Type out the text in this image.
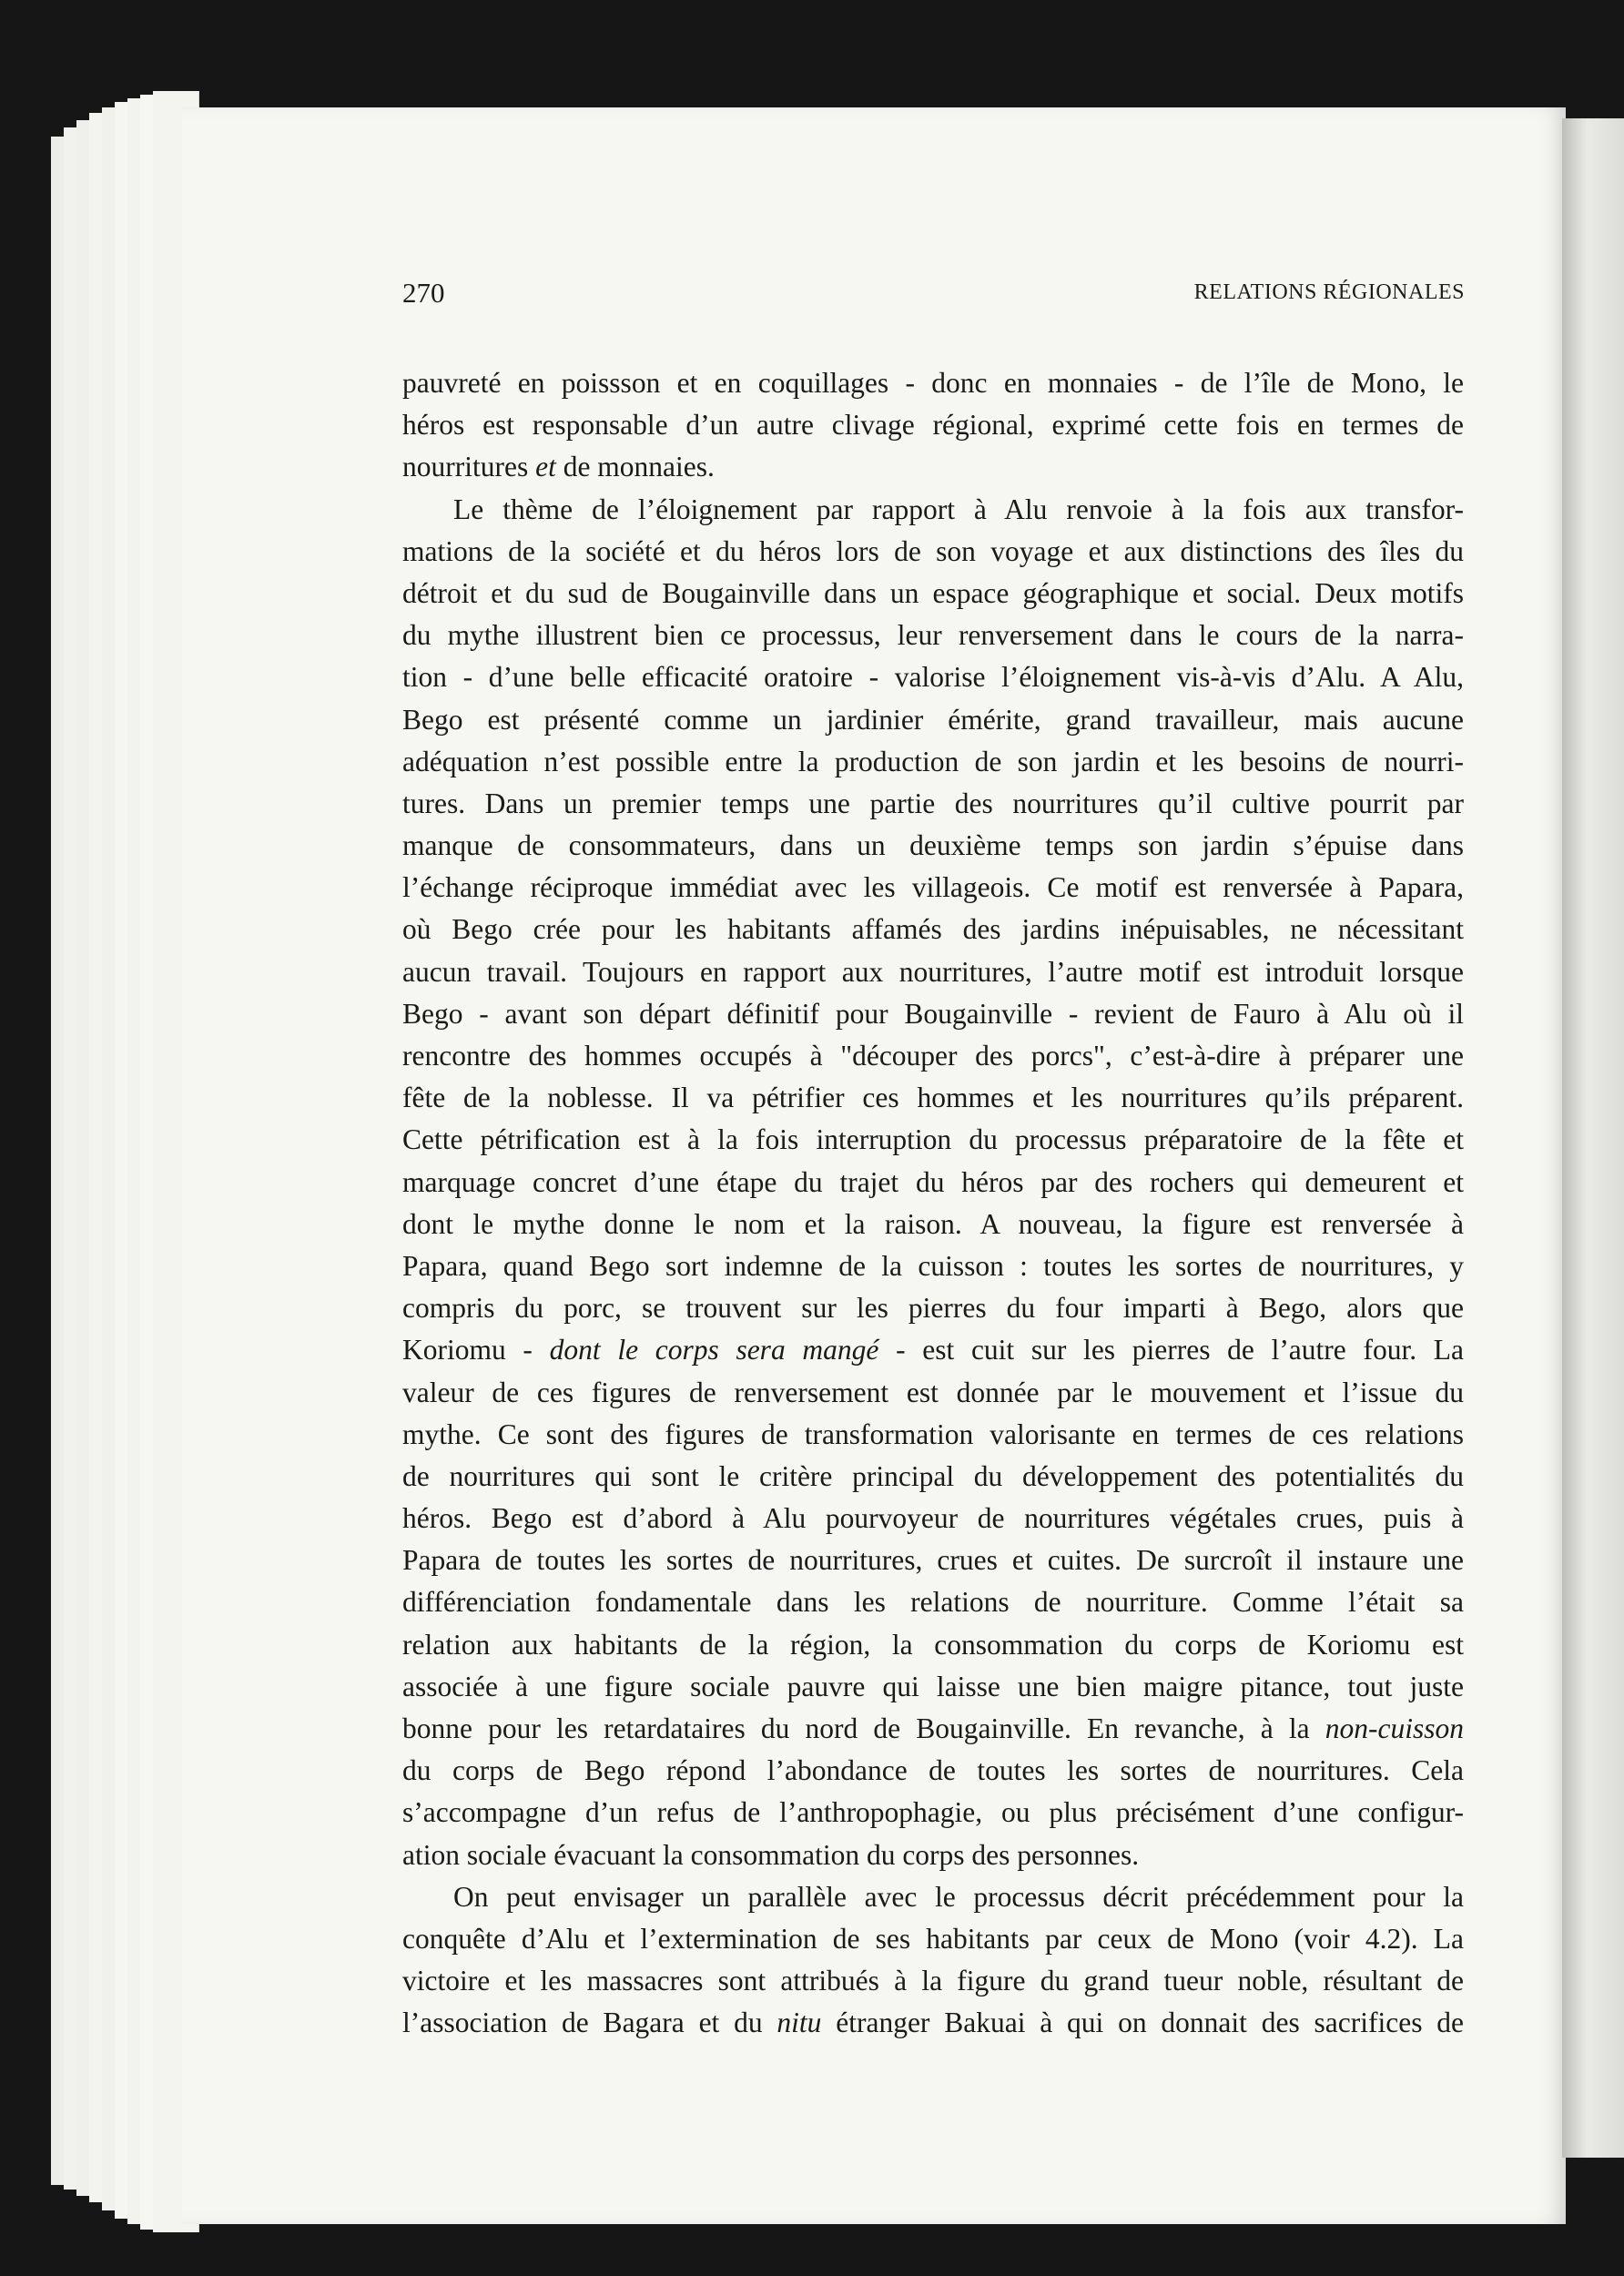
270	RELATIONS RÉGIONALES
pauvreté en poissson et en coquillages - donc en monnaies - de l’île de Mono, le
héros est responsable d’un autre clivage régional, exprimé cette fois en termes de
nourritures et de monnaies.
Le thème de l’éloignement par rapport à Alu renvoie à la fois aux transfor-
mations de la société et du héros lors de son voyage et aux distinctions des îles du
détroit et du sud de Bougainville dans un espace géographique et social. Deux motifs
du mythe illustrent bien ce processus, leur renversement dans le cours de la narra-
tion - d’une belle efficacité oratoire - valorise l’éloignement vis-à-vis d’Alu. A Alu,
Bego est présenté comme un jardinier émérite, grand travailleur, mais aucune
adéquation n’est possible entre la production de son jardin et les besoins de nourri-
tures. Dans un premier temps une partie des nourritures qu’il cultive pourrit par
manque de consommateurs, dans un deuxième temps son jardin s’épuise dans
l’échange réciproque immédiat avec les villageois. Ce motif est renversée à Papara,
où Bego crée pour les habitants affamés des jardins inépuisables, ne nécessitant
aucun travail. Toujours en rapport aux nourritures, l’autre motif est introduit lorsque
Bego - avant son départ définitif pour Bougainville - revient de Fauro à Alu où il
rencontre des hommes occupés à "découper des porcs", c’est-à-dire à préparer une
fête de la noblesse. Il va pétrifier ces hommes et les nourritures qu’ils préparent.
Cette pétrification est à la fois interruption du processus préparatoire de la fête et
marquage concret d’une étape du trajet du héros par des rochers qui demeurent et
dont le mythe donne le nom et la raison. A nouveau, la figure est renversée à
Papara, quand Bego sort indemne de la cuisson : toutes les sortes de nourritures, y
compris du porc, se trouvent sur les pierres du four imparti à Bego, alors que
Koriomu - dont le corps sera mangé - est cuit sur les pierres de l’autre four. La
valeur de ces figures de renversement est donnée par le mouvement et l’issue du
mythe. Ce sont des figures de transformation valorisante en termes de ces relations
de nourritures qui sont le critère principal du développement des potentialités du
héros. Bego est d’abord à Alu pourvoyeur de nourritures végétales crues, puis à
Papara de toutes les sortes de nourritures, crues et cuites. De surcroît il instaure une
différenciation fondamentale dans les relations de nourriture. Comme l’était sa
relation aux habitants de la région, la consommation du corps de Koriomu est
associée à une figure sociale pauvre qui laisse une bien maigre pitance, tout juste
bonne pour les retardataires du nord de Bougainville. En revanche, à la non-cuisson
du corps de Bego répond l’abondance de toutes les sortes de nourritures. Cela
s’accompagne d’un refus de l’anthropophagie, ou plus précisément d’une configur-
ation sociale évacuant la consommation du corps des personnes.
On peut envisager un parallèle avec le processus décrit précédemment pour la
conquête d’Alu et l’extermination de ses habitants par ceux de Mono (voir 4.2). La
victoire et les massacres sont attribués à la figure du grand tueur noble, résultant de
l’association de Bagara et du nitu étranger Bakuai à qui on donnait des sacrifices de
